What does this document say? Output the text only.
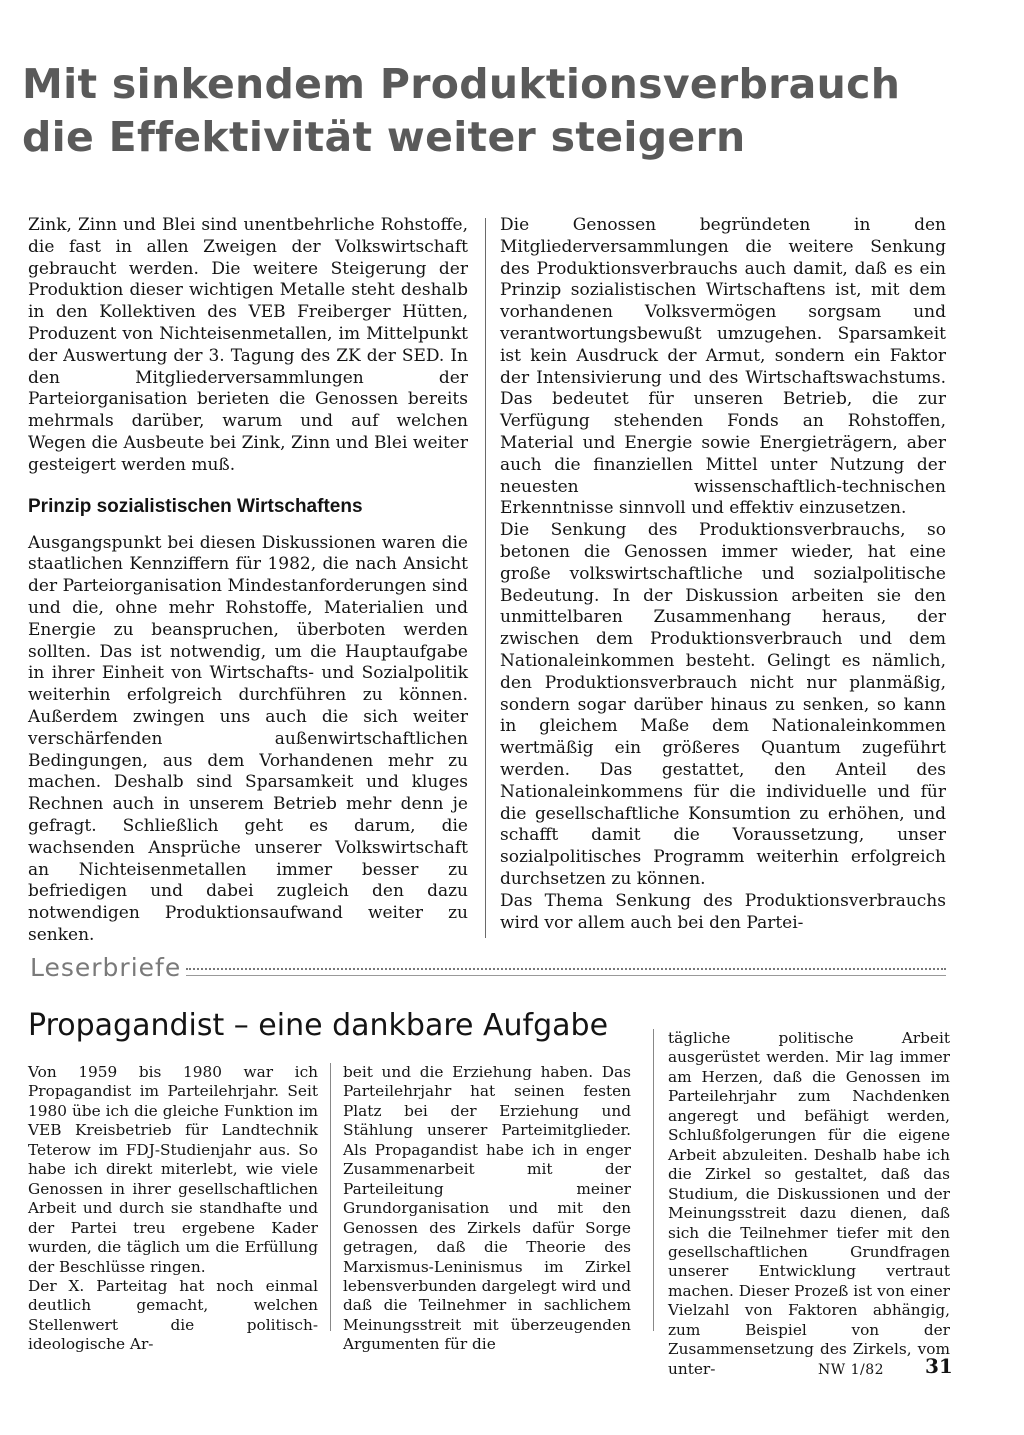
Mit sinkendem Produktionsverbrauch
die Effektivität weiter steigern

Zink, Zinn und Blei sind unentbehrliche Rohstoffe, die fast in allen Zweigen der Volkswirtschaft gebraucht werden. Die weitere Steigerung der Produktion dieser wichtigen Metalle steht deshalb in den Kollektiven des VEB Freiberger Hütten, Produzent von Nichteisenmetallen, im Mittelpunkt der Auswertung der 3. Tagung des ZK der SED. In den Mitgliederversammlungen der Parteiorganisation berieten die Genossen bereits mehrmals darüber, warum und auf welchen Wegen die Ausbeute bei Zink, Zinn und Blei weiter gesteigert werden muß.

Prinzip sozialistischen Wirtschaftens

Ausgangspunkt bei diesen Diskussionen waren die staatlichen Kennziffern für 1982, die nach Ansicht der Parteiorganisation Mindestanforderungen sind und die, ohne mehr Rohstoffe, Materialien und Energie zu beanspruchen, überboten werden sollten. Das ist notwendig, um die Hauptaufgabe in ihrer Einheit von Wirtschafts- und Sozialpolitik weiterhin erfolgreich durchführen zu können. Außerdem zwingen uns auch die sich weiter verschärfenden außenwirtschaftlichen Bedingungen, aus dem Vorhandenen mehr zu machen. Deshalb sind Sparsamkeit und kluges Rechnen auch in unserem Betrieb mehr denn je gefragt. Schließlich geht es darum, die wachsenden Ansprüche unserer Volkswirtschaft an Nichteisenmetallen immer besser zu befriedigen und dabei zugleich den dazu notwendigen Produktionsaufwand weiter zu senken.

Die Genossen begründeten in den Mitgliederversammlungen die weitere Senkung des Produktionsverbrauchs auch damit, daß es ein Prinzip sozialistischen Wirtschaftens ist, mit dem vorhandenen Volksvermögen sorgsam und verantwortungsbewußt umzugehen. Sparsamkeit ist kein Ausdruck der Armut, sondern ein Faktor der Intensivierung und des Wirtschaftswachstums. Das bedeutet für unseren Betrieb, die zur Verfügung stehenden Fonds an Rohstoffen, Material und Energie sowie Energieträgern, aber auch die finanziellen Mittel unter Nutzung der neuesten wissenschaftlich-technischen Erkenntnisse sinnvoll und effektiv einzusetzen.

Die Senkung des Produktionsverbrauchs, so betonen die Genossen immer wieder, hat eine große volkswirtschaftliche und sozialpolitische Bedeutung. In der Diskussion arbeiten sie den unmittelbaren Zusammenhang heraus, der zwischen dem Produktionsverbrauch und dem Nationaleinkommen besteht. Gelingt es nämlich, den Produktionsverbrauch nicht nur planmäßig, sondern sogar darüber hinaus zu senken, so kann in gleichem Maße dem Nationaleinkommen wertmäßig ein größeres Quantum zugeführt werden. Das gestattet, den Anteil des Nationaleinkommens für die individuelle und für die gesellschaftliche Konsumtion zu erhöhen, und schafft damit die Voraussetzung, unser sozialpolitisches Programm weiterhin erfolgreich durchsetzen zu können.

Das Thema Senkung des Produktionsverbrauchs wird vor allem auch bei den Partei-

Leserbriefe
Propagandist – eine dankbare Aufgabe

Von 1959 bis 1980 war ich Propagandist im Parteilehrjahr. Seit 1980 übe ich die gleiche Funktion im VEB Kreisbetrieb für Landtechnik Teterow im FDJ-Studienjahr aus. So habe ich direkt miterlebt, wie viele Genossen in ihrer gesellschaftlichen Arbeit und durch sie standhafte und der Partei treu ergebene Kader wurden, die täglich um die Erfüllung der Beschlüsse ringen.

Der X. Parteitag hat noch einmal deutlich gemacht, welchen Stellenwert die politisch-ideologische Ar-

beit und die Erziehung haben. Das Parteilehrjahr hat seinen festen Platz bei der Erziehung und Stählung unserer Parteimitglieder. Als Propagandist habe ich in enger Zusammenarbeit mit der Parteileitung meiner Grundorganisation und mit den Genossen des Zirkels dafür Sorge getragen, daß die Theorie des Marxismus-Leninismus im Zirkel lebensverbunden dargelegt wird und daß die Teilnehmer in sachlichem Meinungsstreit mit überzeugenden Argumenten für die

tägliche politische Arbeit ausgerüstet werden. Mir lag immer am Herzen, daß die Genossen im Parteilehrjahr zum Nachdenken angeregt und befähigt werden, Schlußfolgerungen für die eigene Arbeit abzuleiten. Deshalb habe ich die Zirkel so gestaltet, daß das Studium, die Diskussionen und der Meinungsstreit dazu dienen, daß sich die Teilnehmer tiefer mit den gesellschaftlichen Grundfragen unserer Entwicklung vertraut machen. Dieser Prozeß ist von einer Vielzahl von Faktoren abhängig, zum Beispiel von der Zusammensetzung des Zirkels, vom unter-	NW 1/82 31
